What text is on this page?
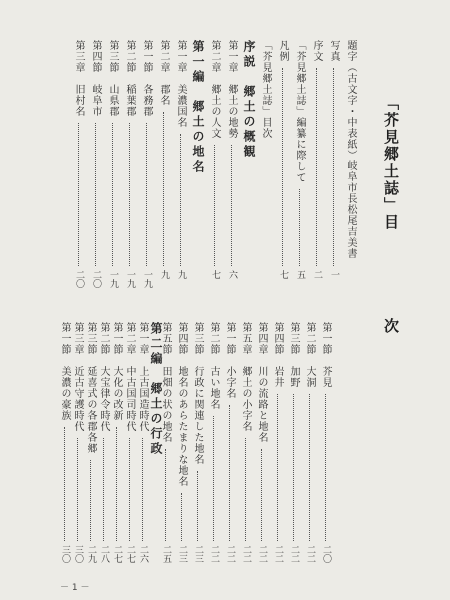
「芥見郷土誌」目
次
題字（古文字・中表紙）
岐阜市長松尾吉美書
写真
一
序文
二
「芥見郷土誌」編纂に際して
五
凡例
七
「芥見郷土誌」目次
序説　郷土の概観
第一章　郷土の地勢
六
第二章　郷土の人文
七
第一編　郷土の地名
第一章　美濃国名
九
第二章　郡名
九
第一節　各務郡
一九
第二節　稲葉郡
一九
第三節　山県郡
一九
第四節　岐阜市
二〇
第三章　旧村名
二〇
第一節　芥見
二〇
第二節　大洞
二二
第三節　加野
二二
第四節　岩井
二二
第四章　川の流路と地名
二二
第五章　郷土の小字名
二二
第一節　小字名
二二
第二節　古い地名
二二
第三節　行政に関連した地名
二三
第四節　地名のあらたまりな地名
二三
第五節　田畑の状の地名
二五
第二編　郷土の行政
第一章　上古国造時代
二六
第二章　中古国司時代
二七
第一節　大化の改新
二七
第二節　大宝律令時代
二八
第三節　延喜式の各郡各郷
二九
第三章　近古守護時代
三〇
第一節　美濃の豪族
三〇
－ 1 －
